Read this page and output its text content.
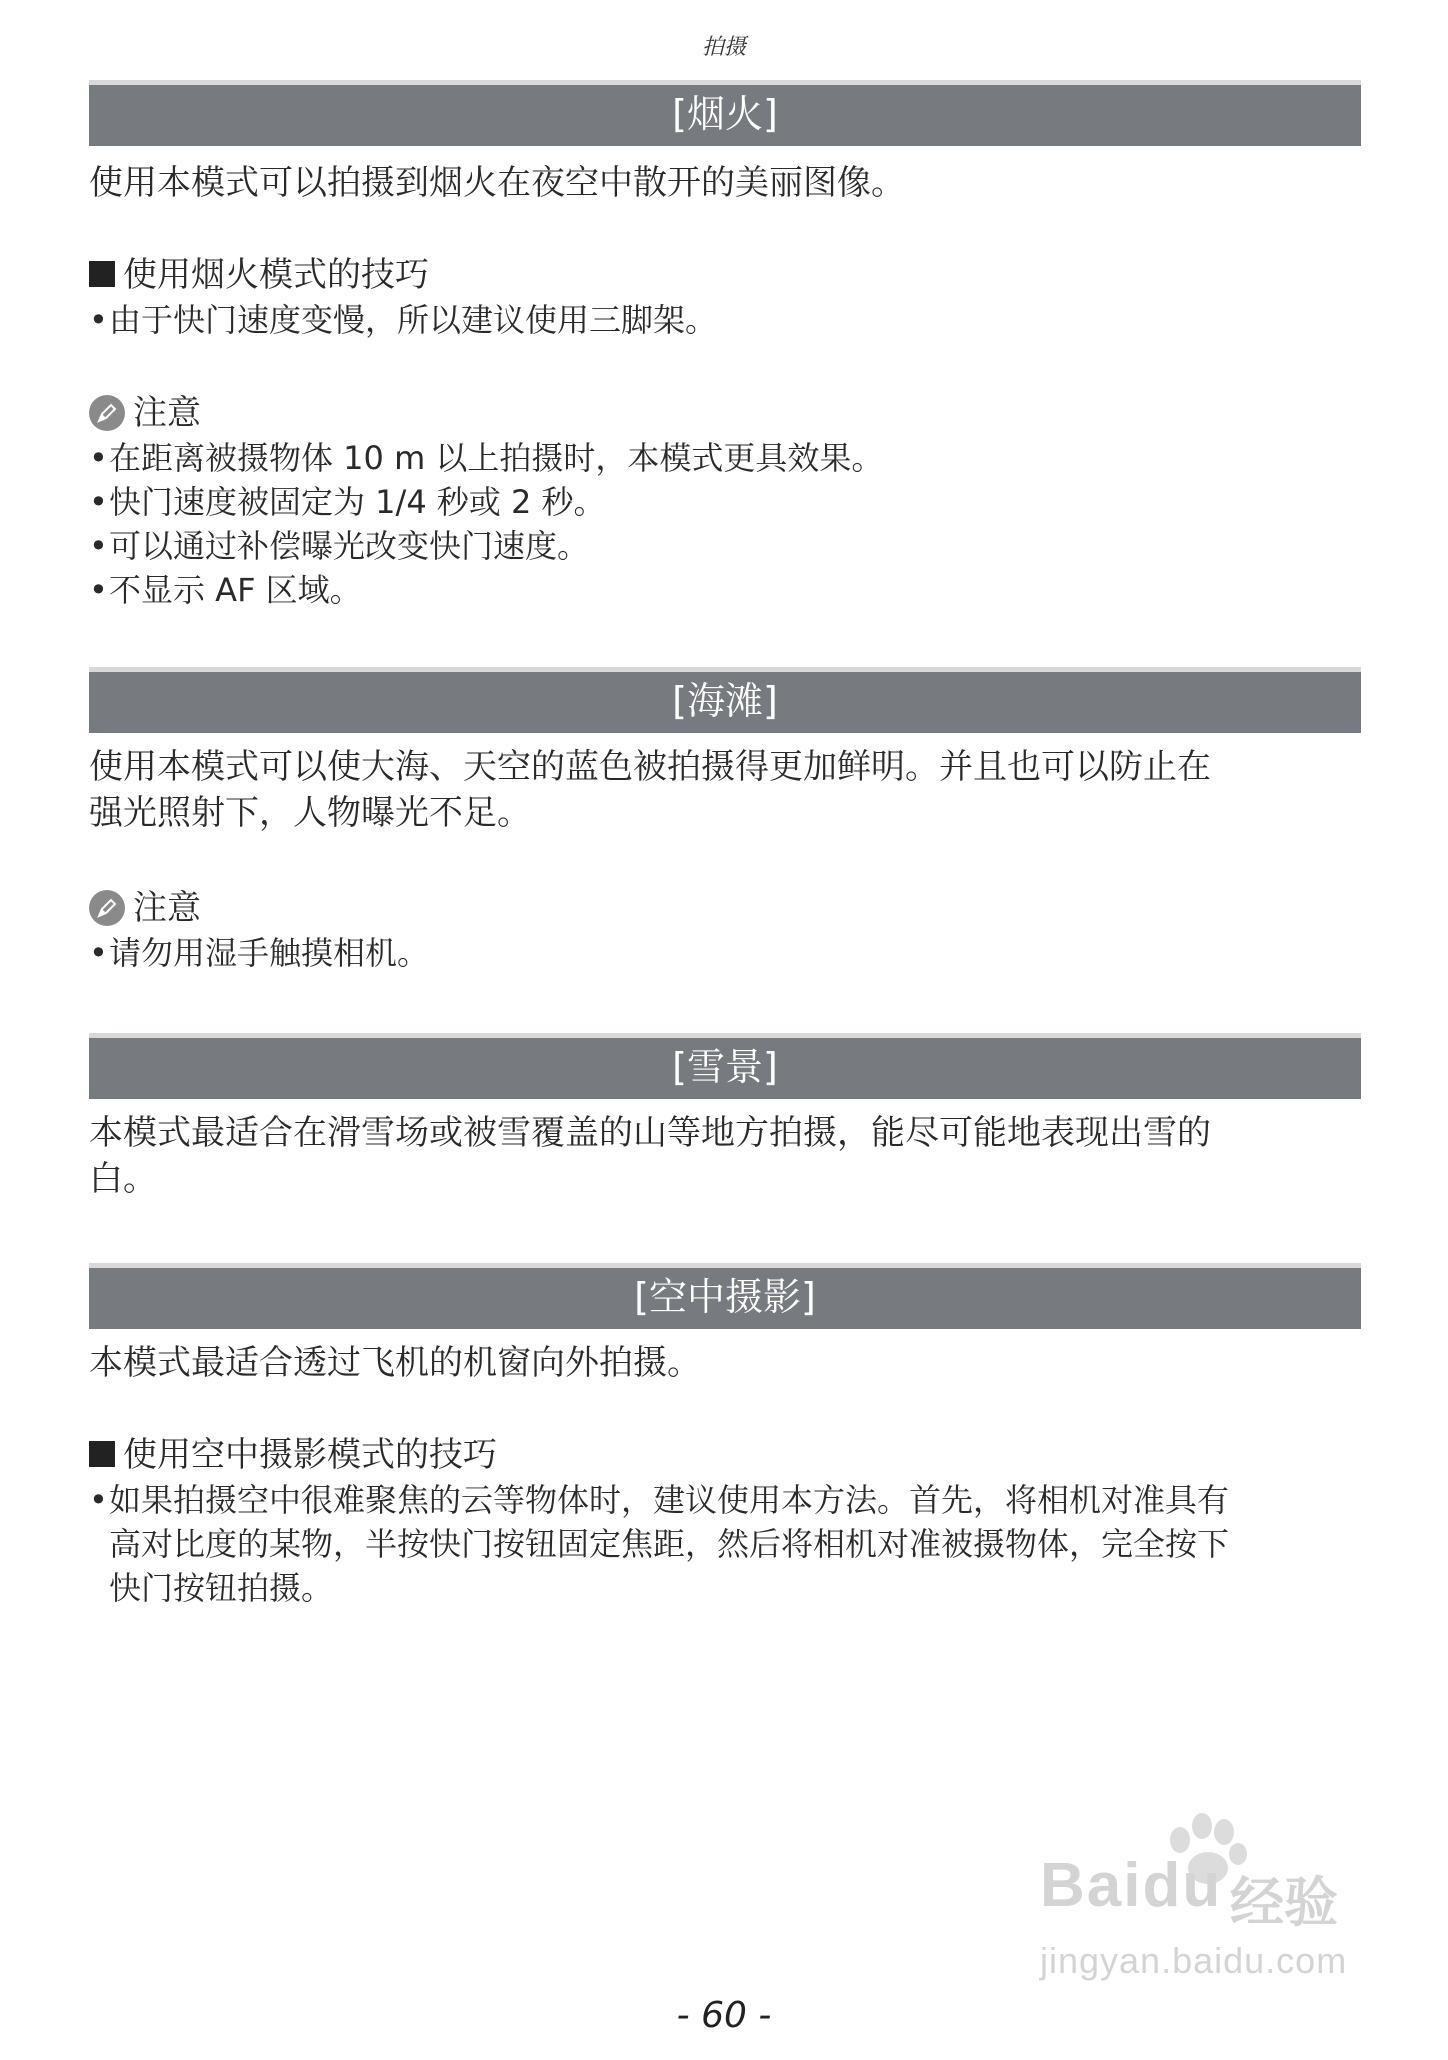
拍摄
[烟火]

使用本模式可以拍摄到烟火在夜空中散开的美丽图像。

使用烟火模式的技巧

• 由于快门速度变慢，所以建议使用三脚架。

注意

• 在距离被摄物体 10 m 以上拍摄时，本模式更具效果。
• 快门速度被固定为 1/4 秒或 2 秒。
• 可以通过补偿曝光改变快门速度。
• 不显示 AF 区域。
[海滩]

使用本模式可以使大海、天空的蓝色被拍摄得更加鲜明。并且也可以防止在

强光照射下，人物曝光不足。

注意

• 请勿用湿手触摸相机。
[雪景]

本模式最适合在滑雪场或被雪覆盖的山等地方拍摄，能尽可能地表现出雪的

白。

[空中摄影]

本模式最适合透过飞机的机窗向外拍摄。

使用空中摄影模式的技巧

• 如果拍摄空中很难聚焦的云等物体时，建议使用本方法。首先，将相机对准具有
高对比度的某物，半按快门按钮固定焦距，然后将相机对准被摄物体，完全按下
快门按钮拍摄。
Baidu 经验
jingyan.baidu.com
- 60 -
